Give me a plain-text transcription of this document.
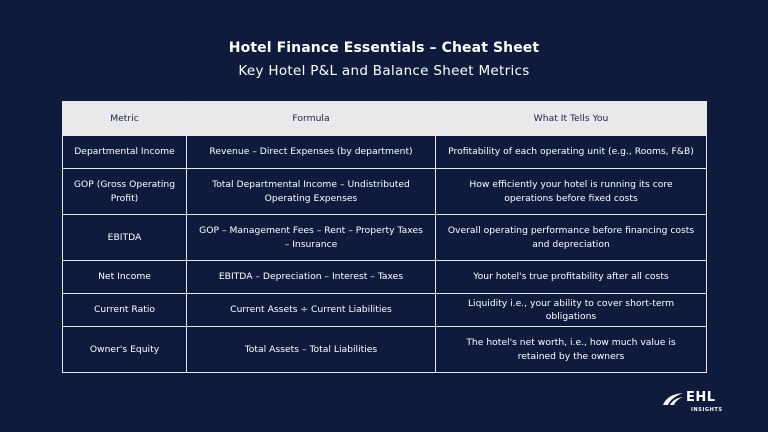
Hotel Finance Essentials – Cheat Sheet
Key Hotel P&L and Balance Sheet Metrics
Metric	Formula	What It Tells You
Departmental Income	Revenue – Direct Expenses (by department)	Profitability of each operating unit (e.g., Rooms, F&B)
GOP (Gross Operating Profit)	Total Departmental Income – Undistributed Operating Expenses	How efficiently your hotel is running its core operations before fixed costs
EBITDA	GOP – Management Fees – Rent – Property Taxes – Insurance	Overall operating performance before financing costs and depreciation
Net Income	EBITDA – Depreciation – Interest – Taxes	Your hotel's true profitability after all costs
Current Ratio	Current Assets ÷ Current Liabilities	Liquidity i.e., your ability to cover short-term obligations
Owner's Equity	Total Assets – Total Liabilities	The hotel's net worth, i.e., how much value is retained by the owners
EHL
INSIGHTS
